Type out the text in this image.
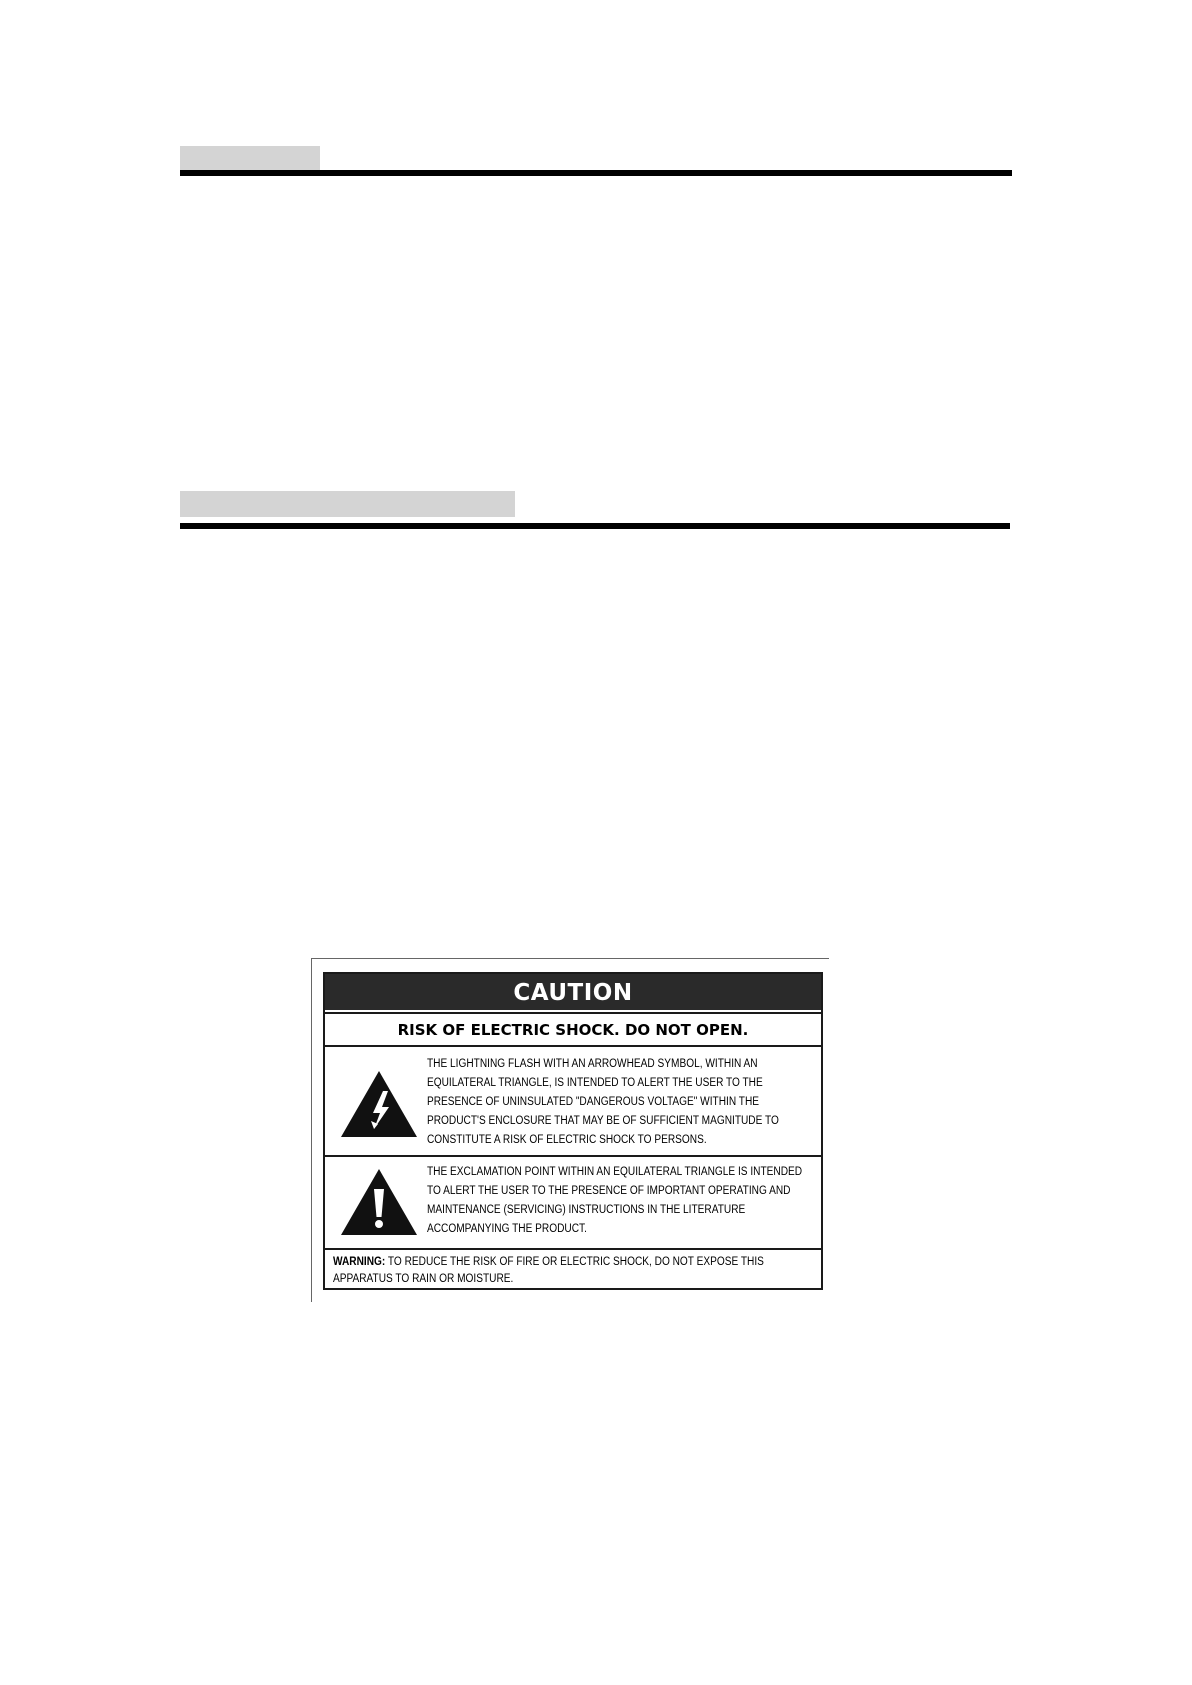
CAUTION
RISK OF ELECTRIC SHOCK. DO NOT OPEN.
THE LIGHTNING FLASH WITH AN ARROWHEAD SYMBOL, WITHIN AN EQUILATERAL TRIANGLE, IS INTENDED TO ALERT THE USER TO THE PRESENCE OF UNINSULATED "DANGEROUS VOLTAGE" WITHIN THE PRODUCT'S ENCLOSURE THAT MAY BE OF SUFFICIENT MAGNITUDE TO CONSTITUTE A RISK OF ELECTRIC SHOCK TO PERSONS.
THE EXCLAMATION POINT WITHIN AN EQUILATERAL TRIANGLE IS INTENDED TO ALERT THE USER TO THE PRESENCE OF IMPORTANT OPERATING AND MAINTENANCE (SERVICING) INSTRUCTIONS IN THE LITERATURE ACCOMPANYING THE PRODUCT.
WARNING: TO REDUCE THE RISK OF FIRE OR ELECTRIC SHOCK, DO NOT EXPOSE THIS APPARATUS TO RAIN OR MOISTURE.
